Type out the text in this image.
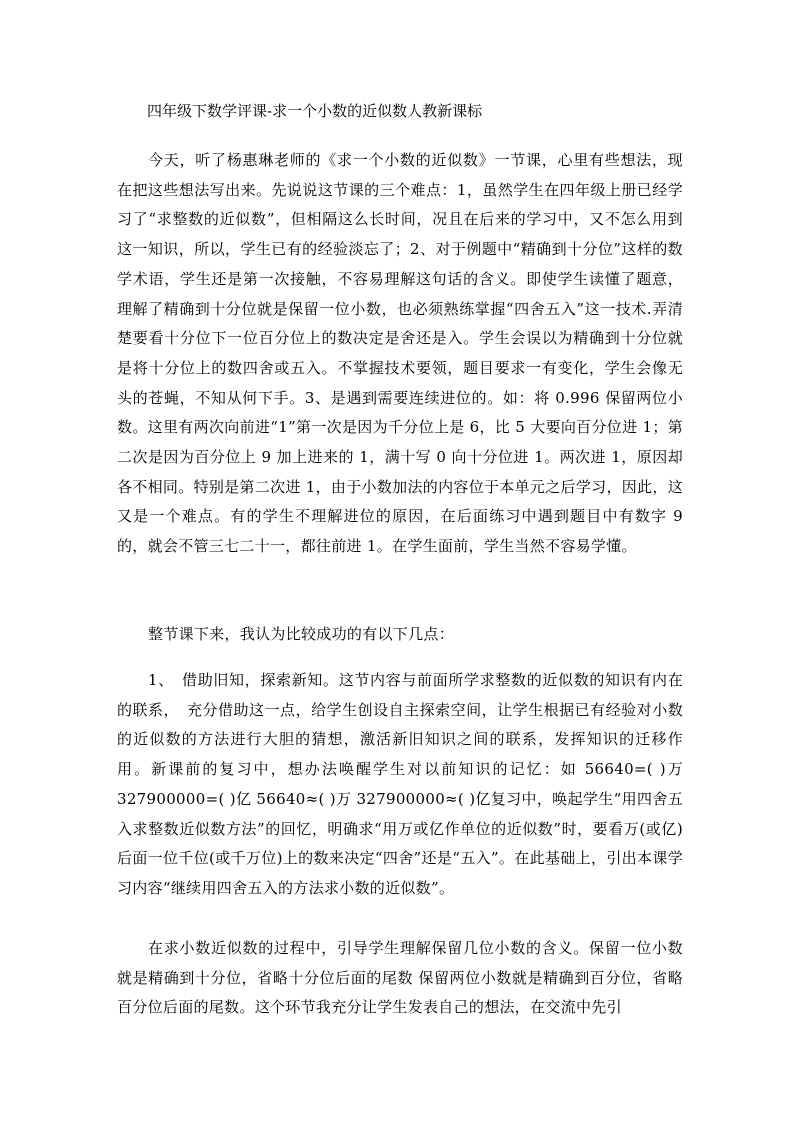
四年级下数学评课-求一个小数的近似数人教新课标

今天，听了杨惠琳老师的《求一个小数的近似数》一节课，心里有些想法，现在把这些想法写出来。先说说这节课的三个难点：1，虽然学生在四年级上册已经学习了“求整数的近似数”，但相隔这么长时间，况且在后来的学习中，又不怎么用到这一知识，所以，学生已有的经验淡忘了；2、对于例题中“精确到十分位”这样的数学术语，学生还是第一次接触，不容易理解这句话的含义。即使学生读懂了题意，理解了精确到十分位就是保留一位小数，也必须熟练掌握“四舍五入”这一技术.弄清楚要看十分位下一位百分位上的数决定是舍还是入。学生会误以为精确到十分位就是将十分位上的数四舍或五入。不掌握技术要领，题目要求一有变化，学生会像无头的苍蝇，不知从何下手。3、是遇到需要连续进位的。如：将 0.996 保留两位小数。这里有两次向前进“1”第一次是因为千分位上是 6，比 5 大要向百分位进 1；第二次是因为百分位上 9 加上进来的 1，满十写 0 向十分位进 1。两次进 1，原因却各不相同。特别是第二次进 1，由于小数加法的内容位于本单元之后学习，因此，这又是一个难点。有的学生不理解进位的原因，在后面练习中遇到题目中有数字 9 的，就会不管三七二十一，都往前进 1。在学生面前，学生当然不容易学懂。

整节课下来，我认为比较成功的有以下几点：

1、　借助旧知，探索新知。这节内容与前面所学求整数的近似数的知识有内在的联系，　充分借助这一点，给学生创设自主探索空间，让学生根据已有经验对小数的近似数的方法进行大胆的猜想，激活新旧知识之间的联系，发挥知识的迁移作用。新课前的复习中，想办法唤醒学生对以前知识的记忆：如 56640=( )万 327900000=( )亿 56640≈( )万 327900000≈( )亿复习中，唤起学生“用四舍五入求整数近似数方法”的回忆，明确求“用万或亿作单位的近似数”时，要看万(或亿)后面一位千位(或千万位)上的数来决定“四舍”还是“五入”。在此基础上，引出本课学习内容“继续用四舍五入的方法求小数的近似数”。

在求小数近似数的过程中，引导学生理解保留几位小数的含义。保留一位小数就是精确到十分位，省略十分位后面的尾数 保留两位小数就是精确到百分位，省略百分位后面的尾数。这个环节我充分让学生发表自己的想法，在交流中先引
